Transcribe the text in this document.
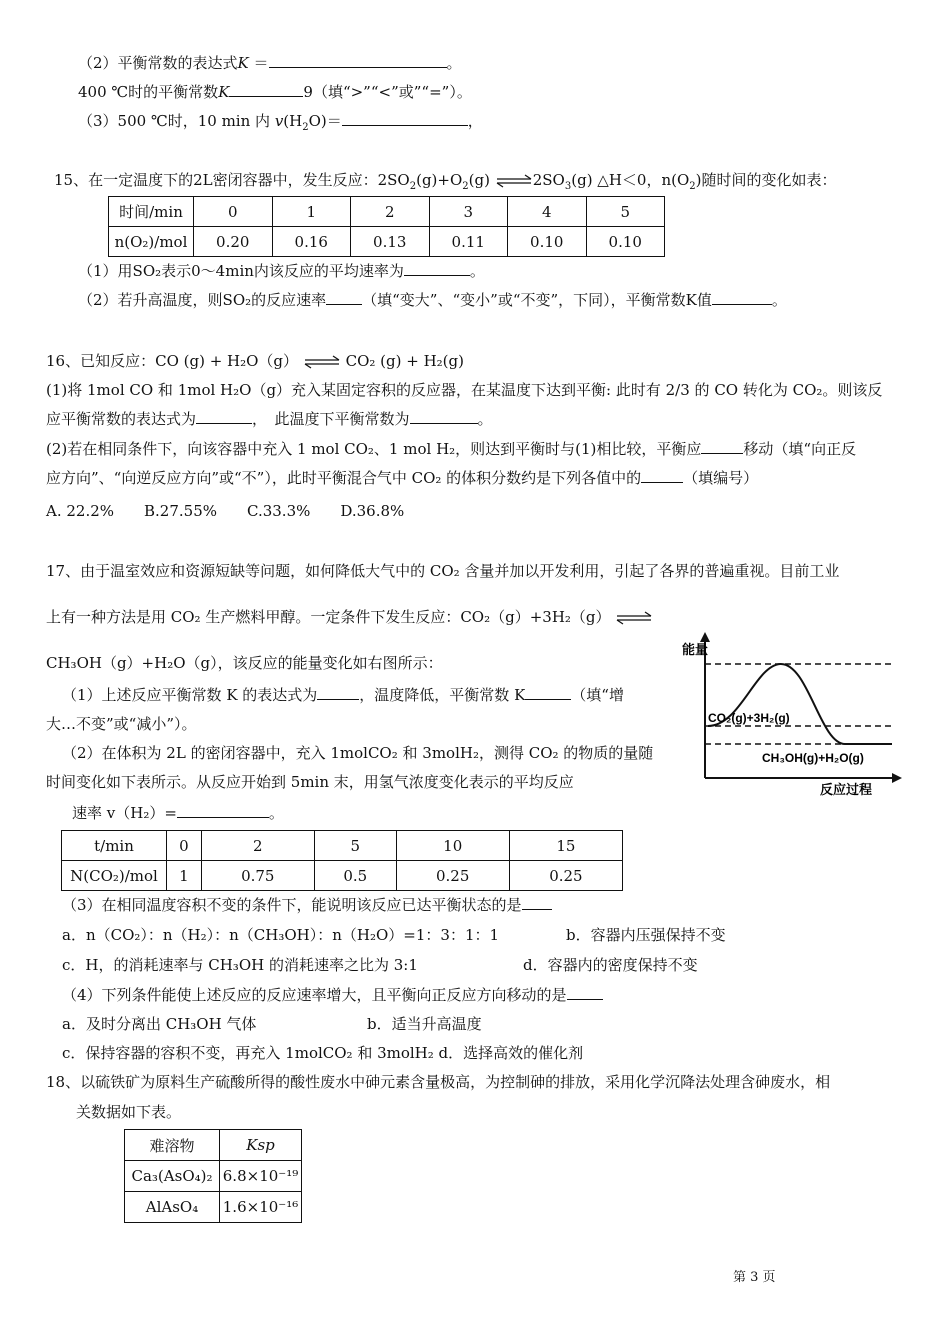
（2）平衡常数的表达式K ＝	。
400 ℃时的平衡常数K	9（填“>”“<”或”“=”）。
（3）500 ℃时，10 min 内 $v(H_2O)=$	，
15、在一定温度下的2L密闭容器中，发生反应：$2SO_2(g)+O_2(g)$ $\rightleftharpoons 2SO_3(g)$ △H＜0，$n(O_2)$随时间的变化如表：
时间/min	0	1	2	3	4	5
n(O₂)/mol	0.20	0.16	0.13	0.11	0.10	0.10
（1）用SO₂表示0～4min内该反应的平均速率为	。
（2）若升高温度，则SO₂的反应速率 （填“变大”、“变小”或“不变”，下同），平衡常数K值	。
16、已知反应：CO (g) + H₂O（g） ⇌ CO₂ (g) + H₂(g)
(1)将 1mol CO 和 1mol H₂O（g）充入某固定容积的反应器，在某温度下达到平衡: 此时有 2/3 的 CO 转化为 CO₂。则该反
应平衡常数的表达式为	，　此温度下平衡常数为	。
(2)若在相同条件下，向该容器中充入 1 mol CO₂、1 mol H₂，则达到平衡时与(1)相比较，平衡应	移动（填“向正反
应方向”、“向逆反应方向”或“不”），此时平衡混合气中 CO₂ 的体积分数约是下列各值中的	（填编号）
A. 22.2%　　B.27.55%　　C.33.3%　　D.36.8%
17、由于温室效应和资源短缺等问题，如何降低大气中的 CO₂ 含量并加以开发利用，引起了各界的普遍重视。目前工业
上有一种方法是用 CO₂ 生产燃料甲醇。一定条件下发生反应：CO₂（g）+3H₂（g） ⇌
CH₃OH（g）+H₂O（g），该反应的能量变化如右图所示：
（1）上述反应平衡常数 K 的表达式为	，温度降低，平衡常数 K	（填“增
大…不变”或“减小”）。
（2）在体积为 2L 的密闭容器中，充入 1molCO₂ 和 3molH₂，测得 CO₂ 的物质的量随
时间变化如下表所示。从反应开始到 5min 末，用氢气浓度变化表示的平均反应
速率 v（H₂）=	。
能量
CO₂(g)+3H₂(g)
CH₃OH(g)+H₂O(g)
反应过程
t/min	0	2	5	10	15
N(CO₂)/mol	1	0.75	0.5	0.25	0.25
（3）在相同温度容积不变的条件下，能说明该反应已达平衡状态的是
a．n（CO₂）：n（H₂）：n（CH₃OH）：n（H₂O）=1：3：1：1	b．容器内压强保持不变
c．H，的消耗速率与 CH₃OH 的消耗速率之比为 3:1	d．容器内的密度保持不变
（4）下列条件能使上述反应的反应速率增大，且平衡向正反应方向移动的是
a．及时分离出 CH₃OH 气体	b．适当升高温度
c．保持容器的容积不变，再充入 1molCO₂ 和 3molH₂ d．选择高效的催化剂
18、以硫铁矿为原料生产硫酸所得的酸性废水中砷元素含量极高，为控制砷的排放，采用化学沉降法处理含砷废水，相
关数据如下表。
难溶物	Ksp
Ca₃(AsO₄)₂	6.8×10⁻¹⁹
AlAsO₄	1.6×10⁻¹⁶
第 3 页
